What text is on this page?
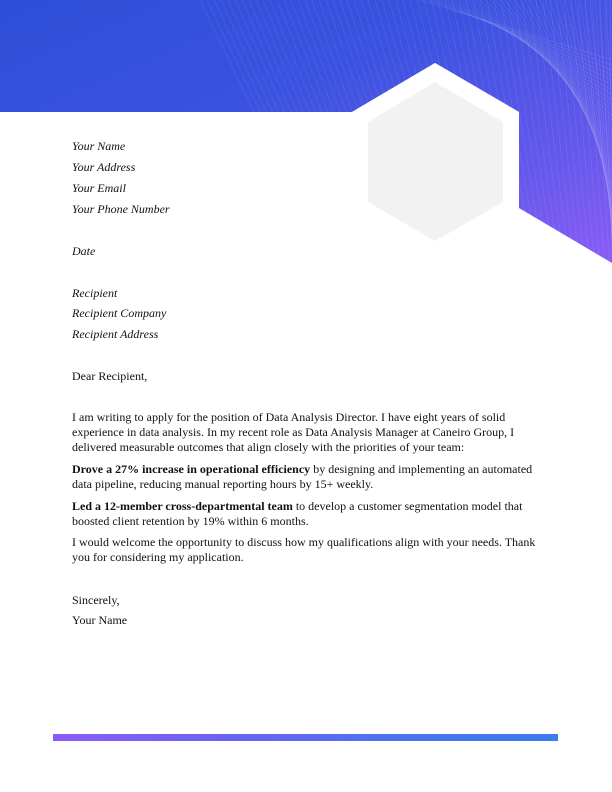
Your Name
Your Address
Your Email
Your Phone Number
Date
Recipient
Recipient Company
Recipient Address
Dear Recipient,
I am writing to apply for the position of Data Analysis Director. I have eight years of solid experience in data analysis. In my recent role as Data Analysis Manager at Caneiro Group, I delivered measurable outcomes that align closely with the priorities of your team:
Drove a 27% increase in operational efficiency by designing and implementing an automated data pipeline, reducing manual reporting hours by 15+ weekly.
Led a 12-member cross-departmental team to develop a customer segmentation model that boosted client retention by 19% within 6 months.
I would welcome the opportunity to discuss how my qualifications align with your needs. Thank you for considering my application.
Sincerely,
Your Name
